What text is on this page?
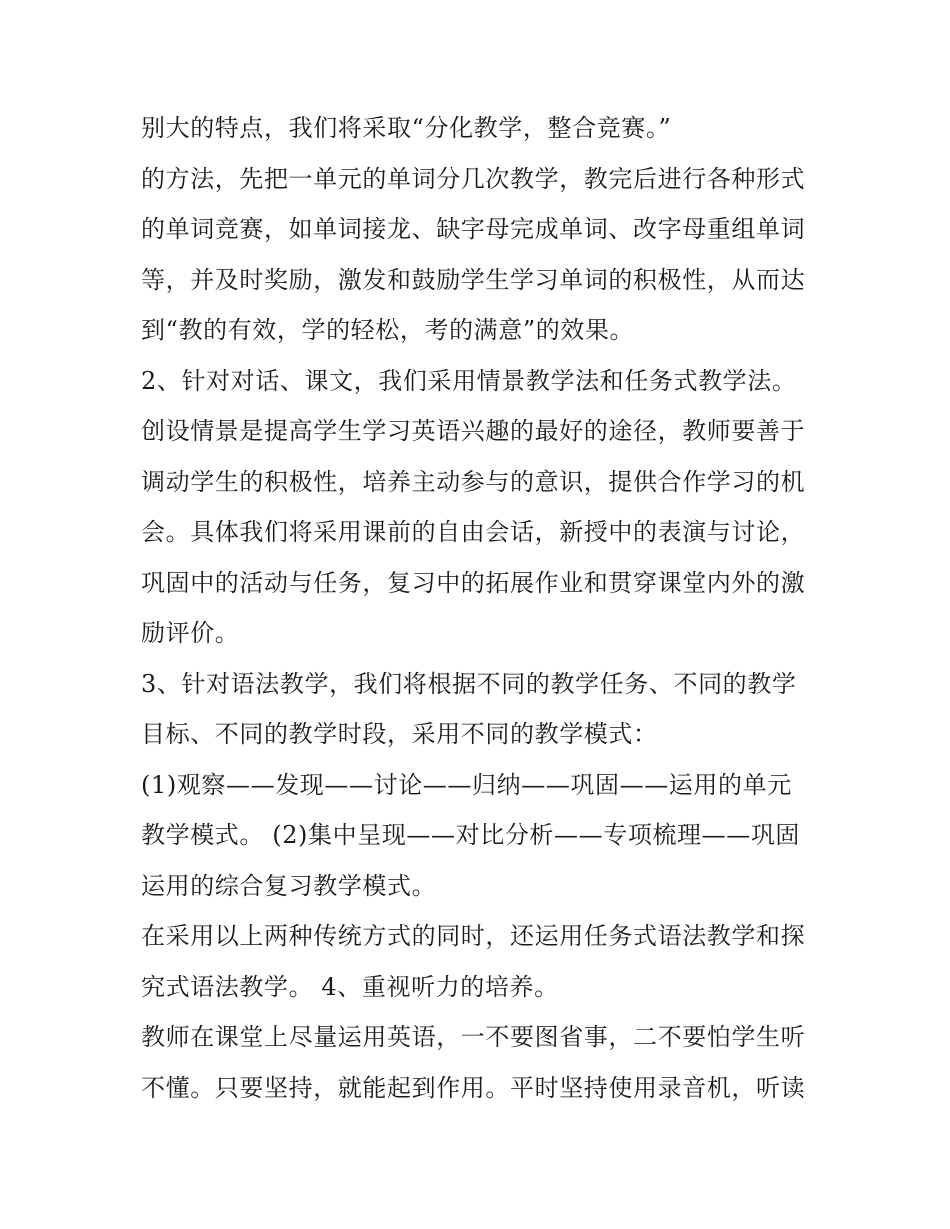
别大的特点，我们将采取“分化教学，整合竞赛。”
的方法，先把一单元的单词分几次教学，教完后进行各种形式
的单词竞赛，如单词接龙、缺字母完成单词、改字母重组单词
等，并及时奖励，激发和鼓励学生学习单词的积极性，从而达
到“教的有效，学的轻松，考的满意”的效果。
2、针对对话、课文，我们采用情景教学法和任务式教学法。
创设情景是提高学生学习英语兴趣的最好的途径，教师要善于
调动学生的积极性，培养主动参与的意识，提供合作学习的机
会。具体我们将采用课前的自由会话，新授中的表演与讨论，
巩固中的活动与任务，复习中的拓展作业和贯穿课堂内外的激
励评价。
3、针对语法教学，我们将根据不同的教学任务、不同的教学
目标、不同的教学时段，采用不同的教学模式：
(1)观察——发现——讨论——归纳——巩固——运用的单元
教学模式。 (2)集中呈现——对比分析——专项梳理——巩固
运用的综合复习教学模式。
在采用以上两种传统方式的同时，还运用任务式语法教学和探
究式语法教学。 4、重视听力的培养。
教师在课堂上尽量运用英语，一不要图省事，二不要怕学生听
不懂。只要坚持，就能起到作用。平时坚持使用录音机，听读
